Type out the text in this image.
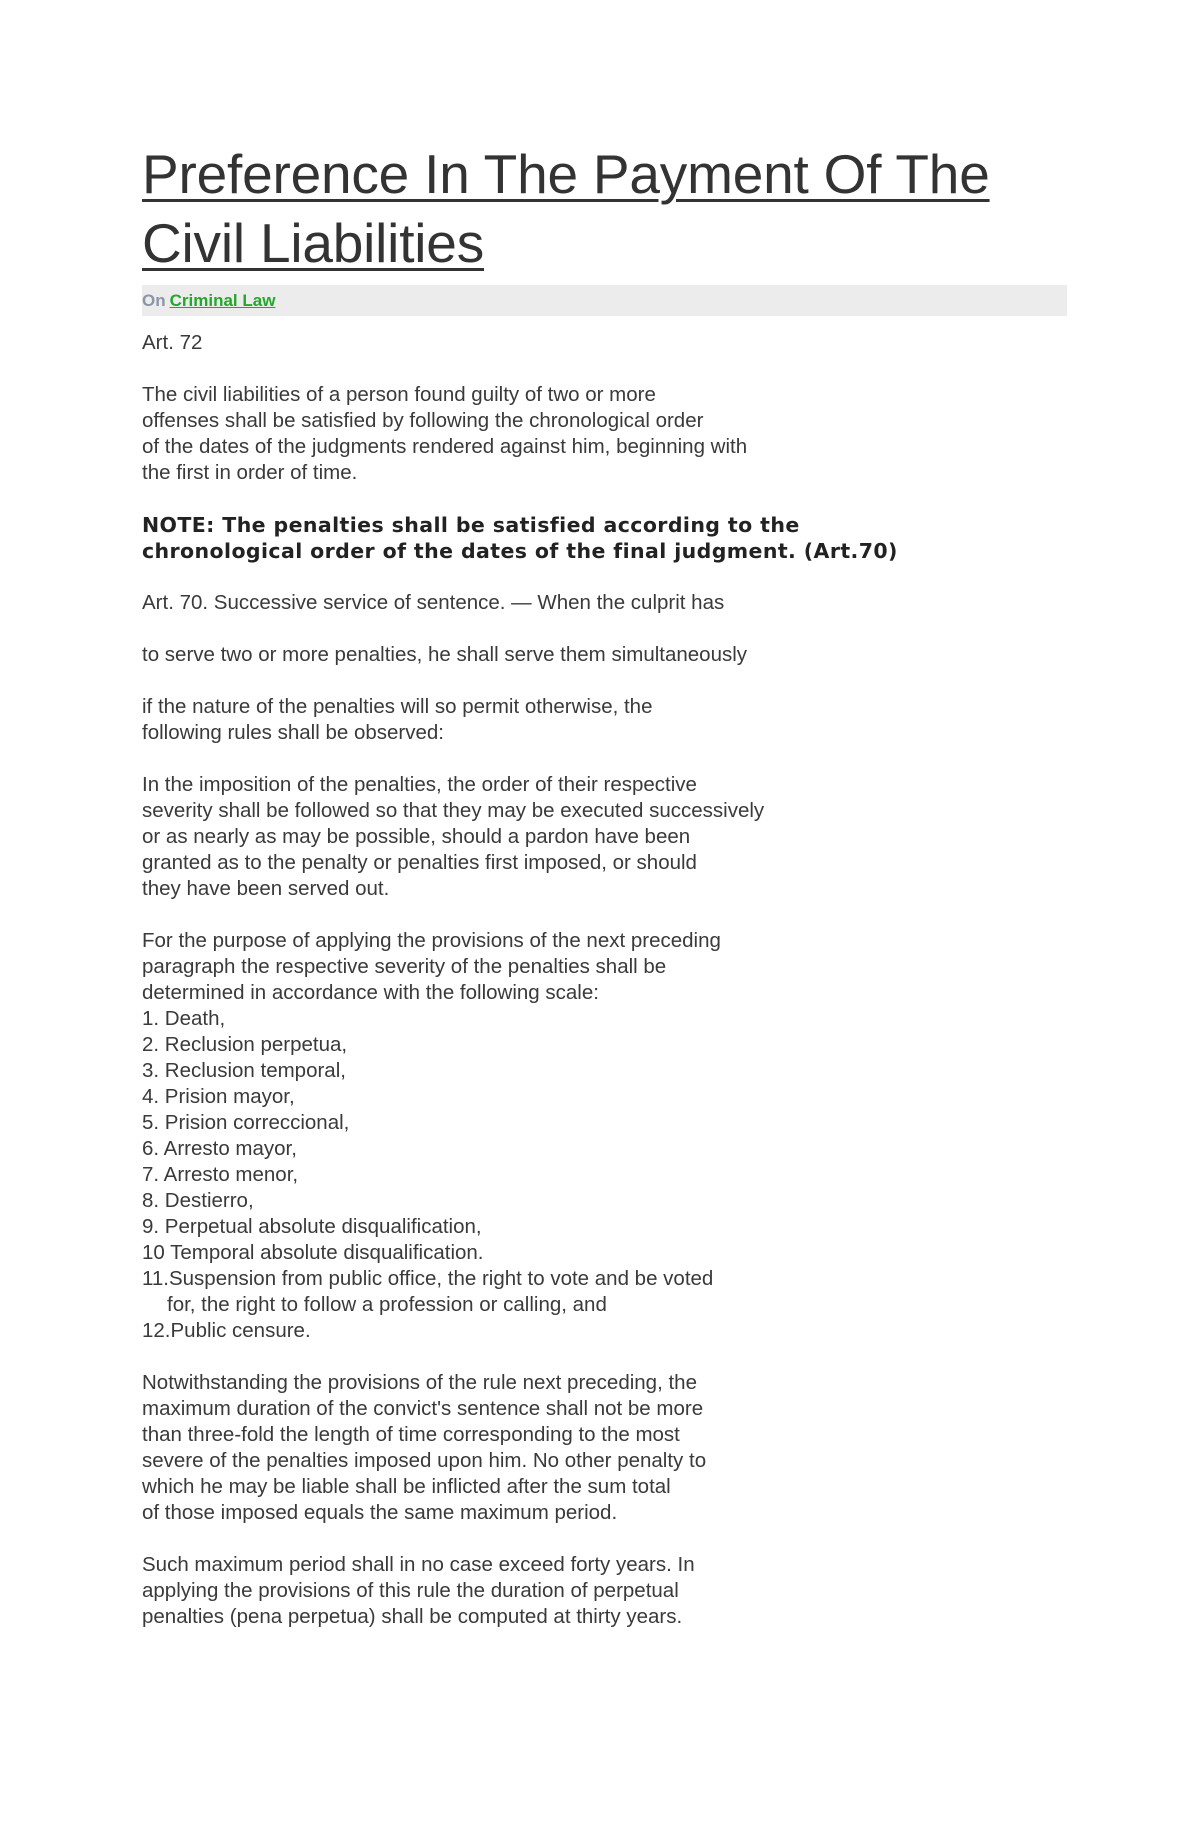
Preference In The Payment Of The
Civil Liabilities
On Criminal Law

Art. 72

The civil liabilities of a person found guilty of two or more
offenses shall be satisfied by following the chronological order
of the dates of the judgments rendered against him, beginning with
the first in order of time.

NOTE: The penalties shall be satisfied according to the
chronological order of the dates of the final judgment. (Art.70)

Art. 70. Successive service of sentence. — When the culprit has

to serve two or more penalties, he shall serve them simultaneously

if the nature of the penalties will so permit otherwise, the
following rules shall be observed:

In the imposition of the penalties, the order of their respective
severity shall be followed so that they may be executed successively
or as nearly as may be possible, should a pardon have been
granted as to the penalty or penalties first imposed, or should
they have been served out.

For the purpose of applying the provisions of the next preceding
paragraph the respective severity of the penalties shall be
determined in accordance with the following scale:
1. Death,
2. Reclusion perpetua,
3. Reclusion temporal,
4. Prision mayor,
5. Prision correccional,
6. Arresto mayor,
7. Arresto menor,
8. Destierro,
9. Perpetual absolute disqualification,
10 Temporal absolute disqualification.
11.Suspension from public office, the right to vote and be voted
for, the right to follow a profession or calling, and
12.Public censure.

Notwithstanding the provisions of the rule next preceding, the
maximum duration of the convict's sentence shall not be more
than three-fold the length of time corresponding to the most
severe of the penalties imposed upon him. No other penalty to
which he may be liable shall be inflicted after the sum total
of those imposed equals the same maximum period.

Such maximum period shall in no case exceed forty years. In
applying the provisions of this rule the duration of perpetual
penalties (pena perpetua) shall be computed at thirty years.
